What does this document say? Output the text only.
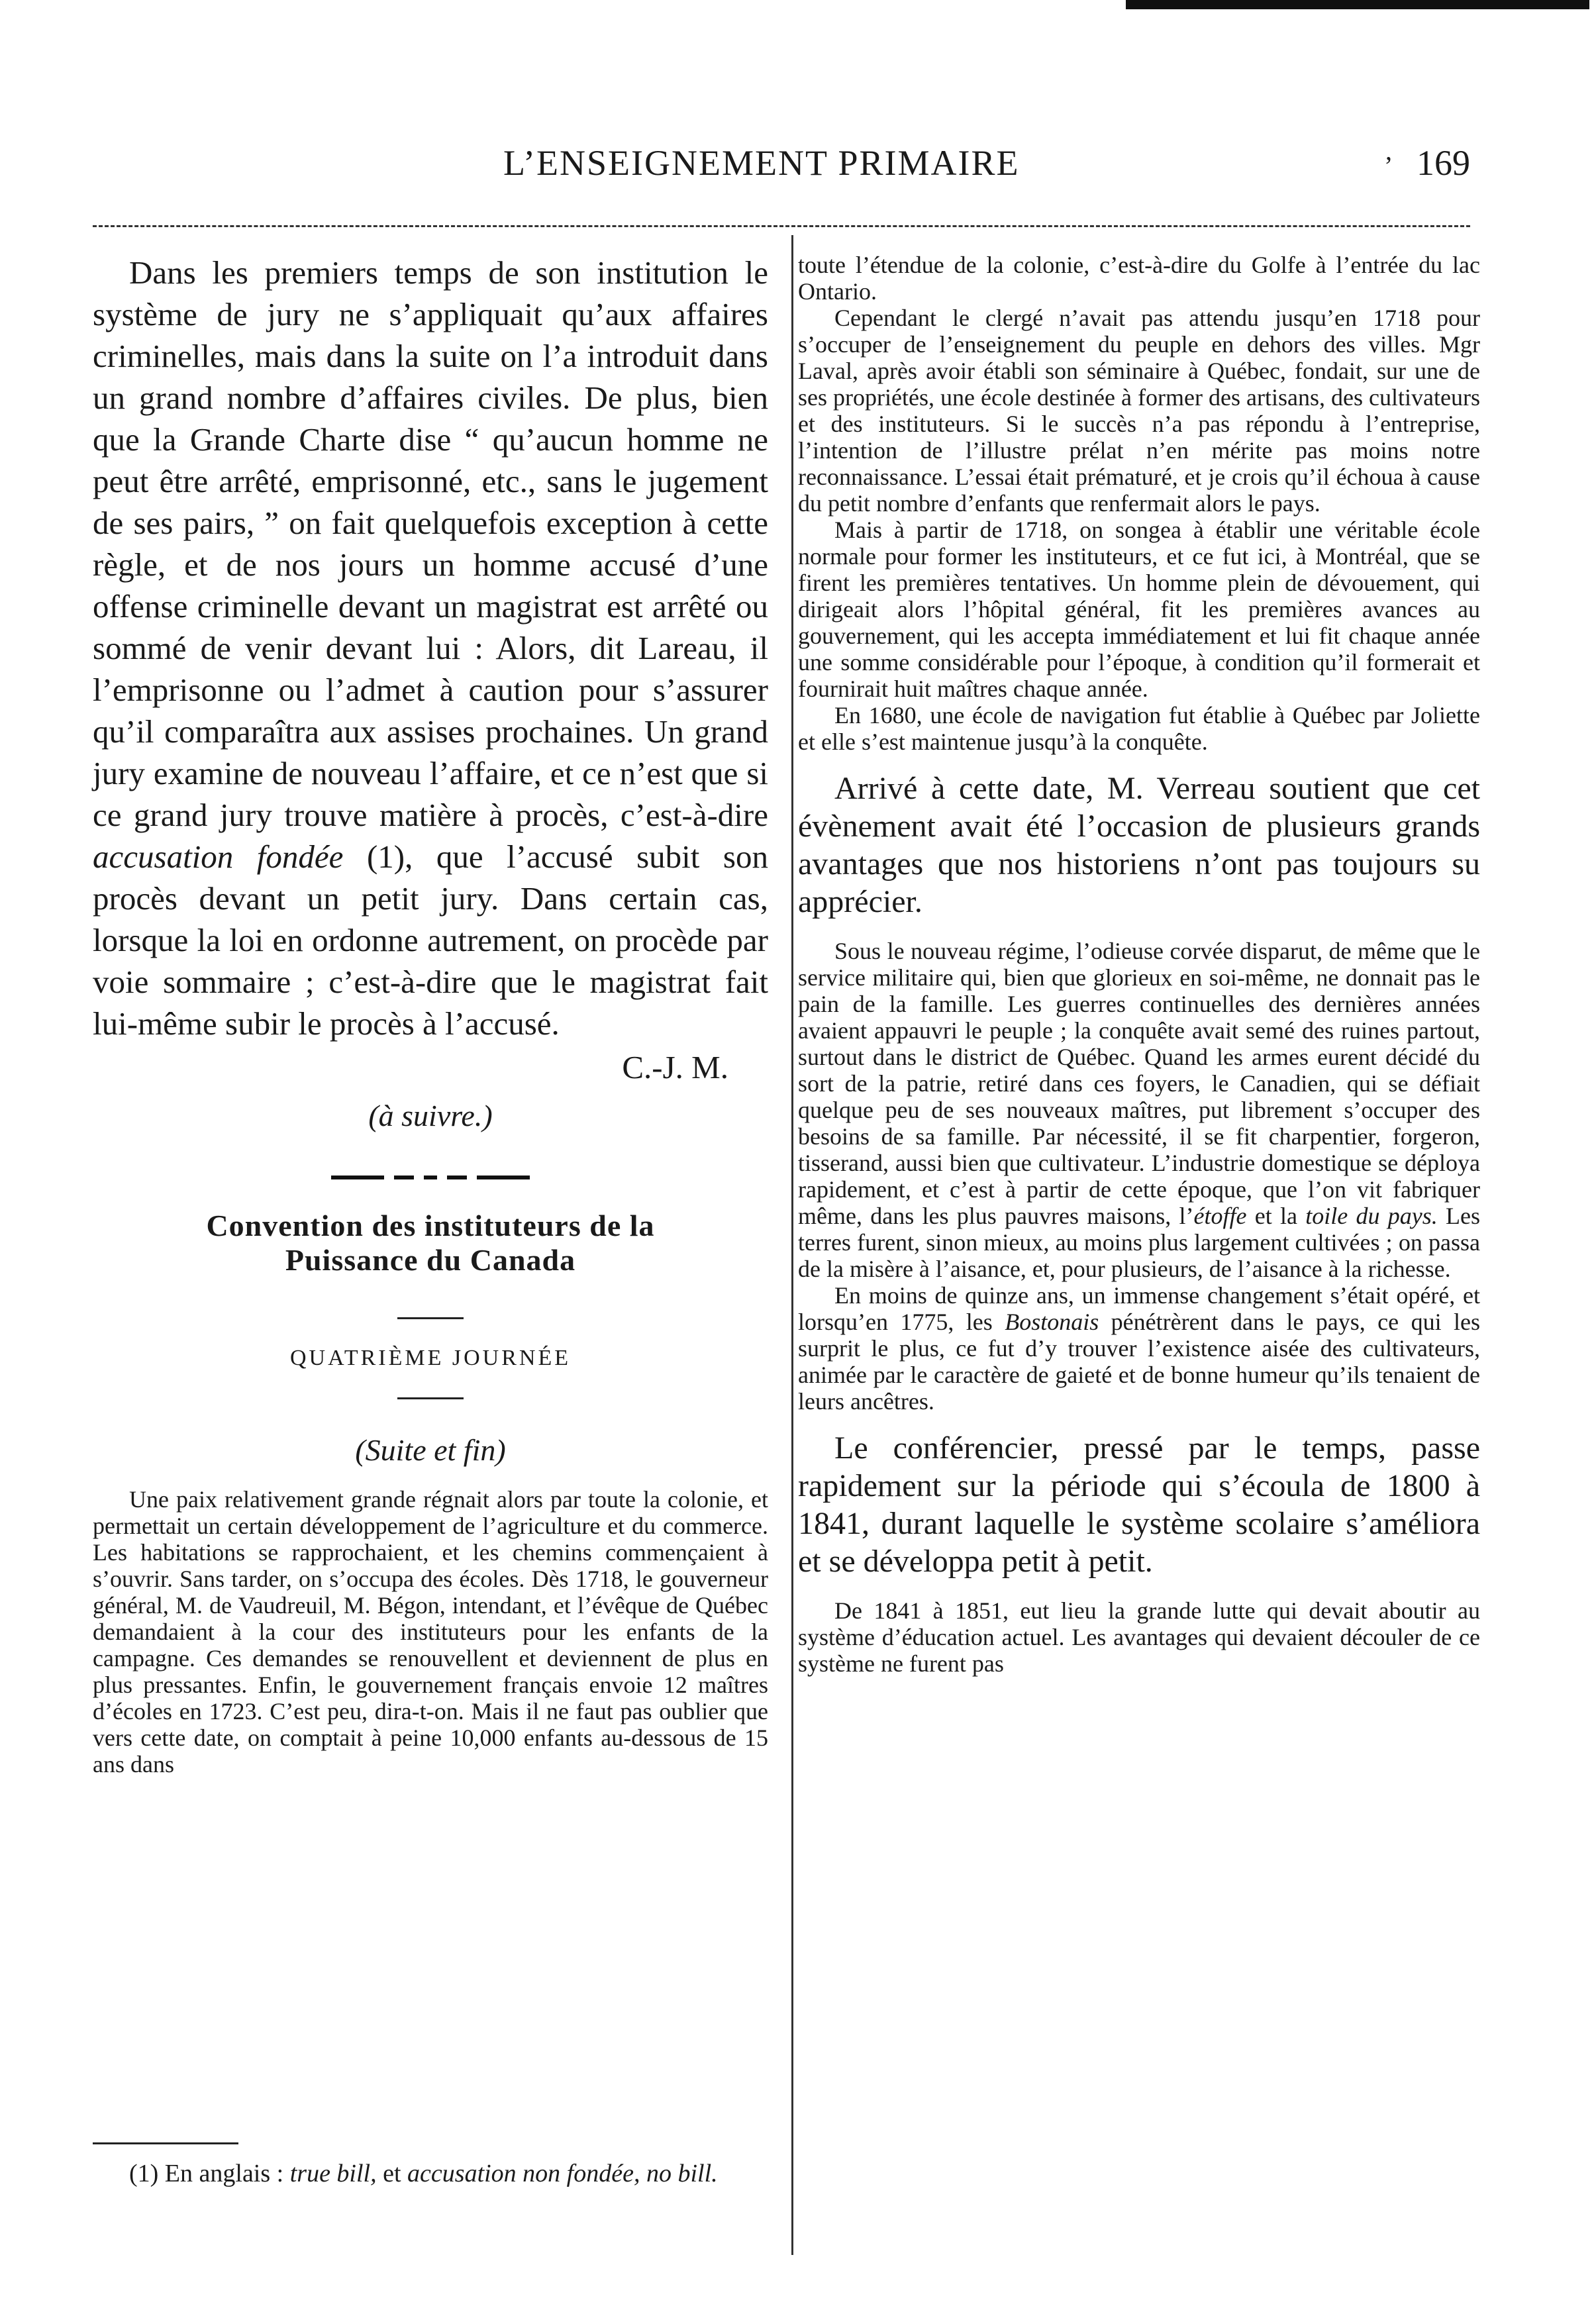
L’ENSEIGNEMENT PRIMAIRE	ʼ 169

Dans les premiers temps de son institution le système de jury ne s’appliquait qu’aux affaires criminelles, mais dans la suite on l’a introduit dans un grand nombre d’affaires civiles. De plus, bien que la Grande Charte dise “ qu’aucun homme ne peut être arrêté, emprisonné, etc., sans le jugement de ses pairs, ” on fait quelquefois exception à cette règle, et de nos jours un homme accusé d’une offense criminelle devant un magistrat est arrêté ou sommé de venir devant lui : Alors, dit Lareau, il l’emprisonne ou l’admet à caution pour s’assurer qu’il comparaîtra aux assises prochaines. Un grand jury examine de nouveau l’affaire, et ce n’est que si ce grand jury trouve matière à procès, c’est-à-dire accusation fondée (1), que l’accusé subit son procès devant un petit jury. Dans certain cas, lorsque la loi en ordonne autrement, on procède par voie sommaire ; c’est-à-dire que le magistrat fait lui-même subir le procès à l’accusé.

C.-J. M.
(à suivre.)
Convention des instituteurs de la
Puissance du Canada
QUATRIÈME JOURNÉE
(Suite et fin)

Une paix relativement grande régnait alors par toute la colonie, et permettait un certain développement de l’agriculture et du commerce. Les habitations se rapprochaient, et les chemins commençaient à s’ouvrir. Sans tarder, on s’occupa des écoles. Dès 1718, le gouverneur général, M. de Vaudreuil, M. Bégon, intendant, et l’évêque de Québec demandaient à la cour des instituteurs pour les enfants de la campagne. Ces demandes se renouvellent et deviennent de plus en plus pressantes. Enfin, le gouvernement français envoie 12 maîtres d’écoles en 1723. C’est peu, dira-t-on. Mais il ne faut pas oublier que vers cette date, on comptait à peine 10,000 enfants au-dessous de 15 ans dans

(1) En anglais : true bill, et accusation non fondée, no bill.

toute l’étendue de la colonie, c’est-à-dire du Golfe à l’entrée du lac Ontario.

Cependant le clergé n’avait pas attendu jusqu’en 1718 pour s’occuper de l’enseignement du peuple en dehors des villes. Mgr Laval, après avoir établi son séminaire à Québec, fondait, sur une de ses propriétés, une école destinée à former des artisans, des cultivateurs et des instituteurs. Si le succès n’a pas répondu à l’entreprise, l’intention de l’illustre prélat n’en mérite pas moins notre reconnaissance. L’essai était prématuré, et je crois qu’il échoua à cause du petit nombre d’enfants que renfermait alors le pays.

Mais à partir de 1718, on songea à établir une véritable école normale pour former les instituteurs, et ce fut ici, à Montréal, que se firent les premières tentatives. Un homme plein de dévouement, qui dirigeait alors l’hôpital général, fit les premières avances au gouvernement, qui les accepta immédiatement et lui fit chaque année une somme considérable pour l’époque, à condition qu’il formerait et fournirait huit maîtres chaque année.

En 1680, une école de navigation fut établie à Québec par Joliette et elle s’est maintenue jusqu’à la conquête.

Arrivé à cette date, M. Verreau soutient que cet évènement avait été l’occasion de plusieurs grands avantages que nos historiens n’ont pas toujours su apprécier.

Sous le nouveau régime, l’odieuse corvée disparut, de même que le service militaire qui, bien que glorieux en soi-même, ne donnait pas le pain de la famille. Les guerres continuelles des dernières années avaient appauvri le peuple ; la conquête avait semé des ruines partout, surtout dans le district de Québec. Quand les armes eurent décidé du sort de la patrie, retiré dans ces foyers, le Canadien, qui se défiait quelque peu de ses nouveaux maîtres, put librement s’occuper des besoins de sa famille. Par nécessité, il se fit charpentier, forgeron, tisserand, aussi bien que cultivateur. L’industrie domestique se déploya rapidement, et c’est à partir de cette époque, que l’on vit fabriquer même, dans les plus pauvres maisons, l’étoffe et la toile du pays. Les terres furent, sinon mieux, au moins plus largement cultivées ; on passa de la misère à l’aisance, et, pour plusieurs, de l’aisance à la richesse.

En moins de quinze ans, un immense changement s’était opéré, et lorsqu’en 1775, les Bostonais pénétrèrent dans le pays, ce qui les surprit le plus, ce fut d’y trouver l’existence aisée des cultivateurs, animée par le caractère de gaieté et de bonne humeur qu’ils tenaient de leurs ancêtres.

Le conférencier, pressé par le temps, passe rapidement sur la période qui s’écoula de 1800 à 1841, durant laquelle le système scolaire s’améliora et se développa petit à petit.

De 1841 à 1851, eut lieu la grande lutte qui devait aboutir au système d’éducation actuel. Les avantages qui devaient découler de ce système ne furent pas
